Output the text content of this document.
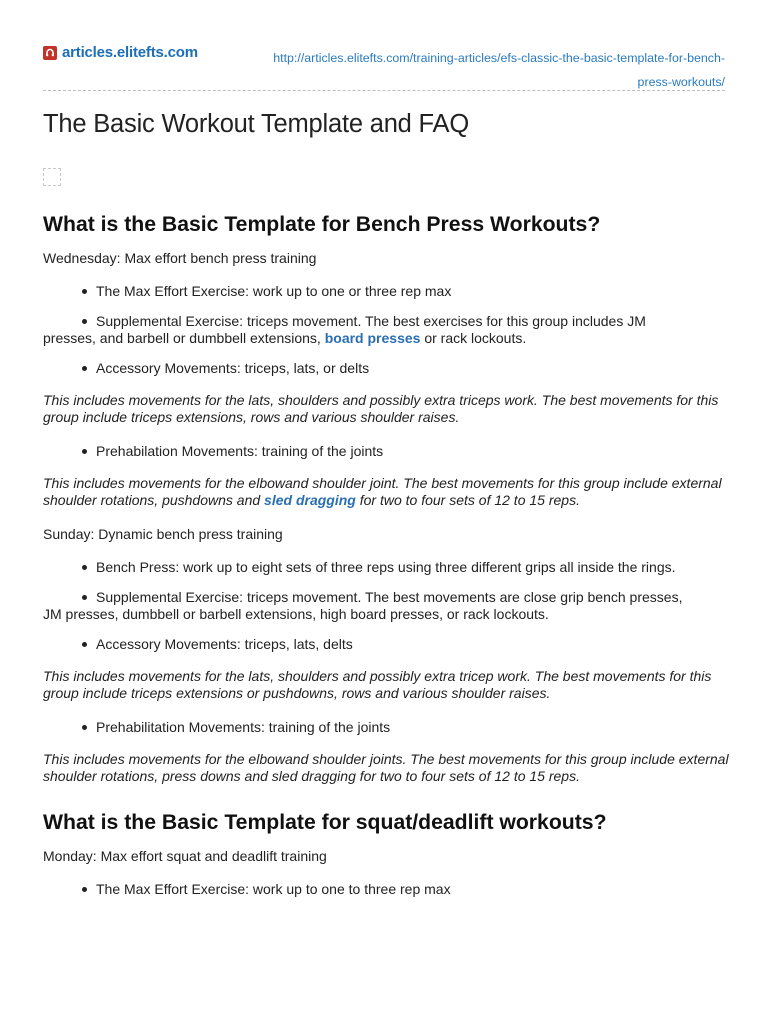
articles.elitefts.com	http://articles.elitefts.com/training-articles/efs-classic-the-basic-template-for-bench-
press-workouts/
The Basic Workout Template and FAQ
What is the Basic Template for Bench Press Workouts?

Wednesday: Max effort bench press training

The Max Effort Exercise: work up to one or three rep max
Supplemental Exercise: triceps movement. The best exercises for this group includes JM
presses, and barbell or dumbbell extensions, board presses or rack lockouts.
Accessory Movements: triceps, lats, or delts

This includes movements for the lats, shoulders and possibly extra triceps work. The best movements for this group include triceps extensions, rows and various shoulder raises.

Prehabilation Movements: training of the joints

This includes movements for the elbowand shoulder joint. The best movements for this group include external shoulder rotations, pushdowns and sled dragging for two to four sets of 12 to 15 reps.

Sunday: Dynamic bench press training

Bench Press: work up to eight sets of three reps using three different grips all inside the rings.
Supplemental Exercise: triceps movement. The best movements are close grip bench presses,
JM presses, dumbbell or barbell extensions, high board presses, or rack lockouts.
Accessory Movements: triceps, lats, delts

This includes movements for the lats, shoulders and possibly extra tricep work. The best movements for this group include triceps extensions or pushdowns, rows and various shoulder raises.

Prehabilitation Movements: training of the joints

This includes movements for the elbowand shoulder joints. The best movements for this group include external shoulder rotations, press downs and sled dragging for two to four sets of 12 to 15 reps.

What is the Basic Template for squat/deadlift workouts?

Monday: Max effort squat and deadlift training

The Max Effort Exercise: work up to one to three rep max
